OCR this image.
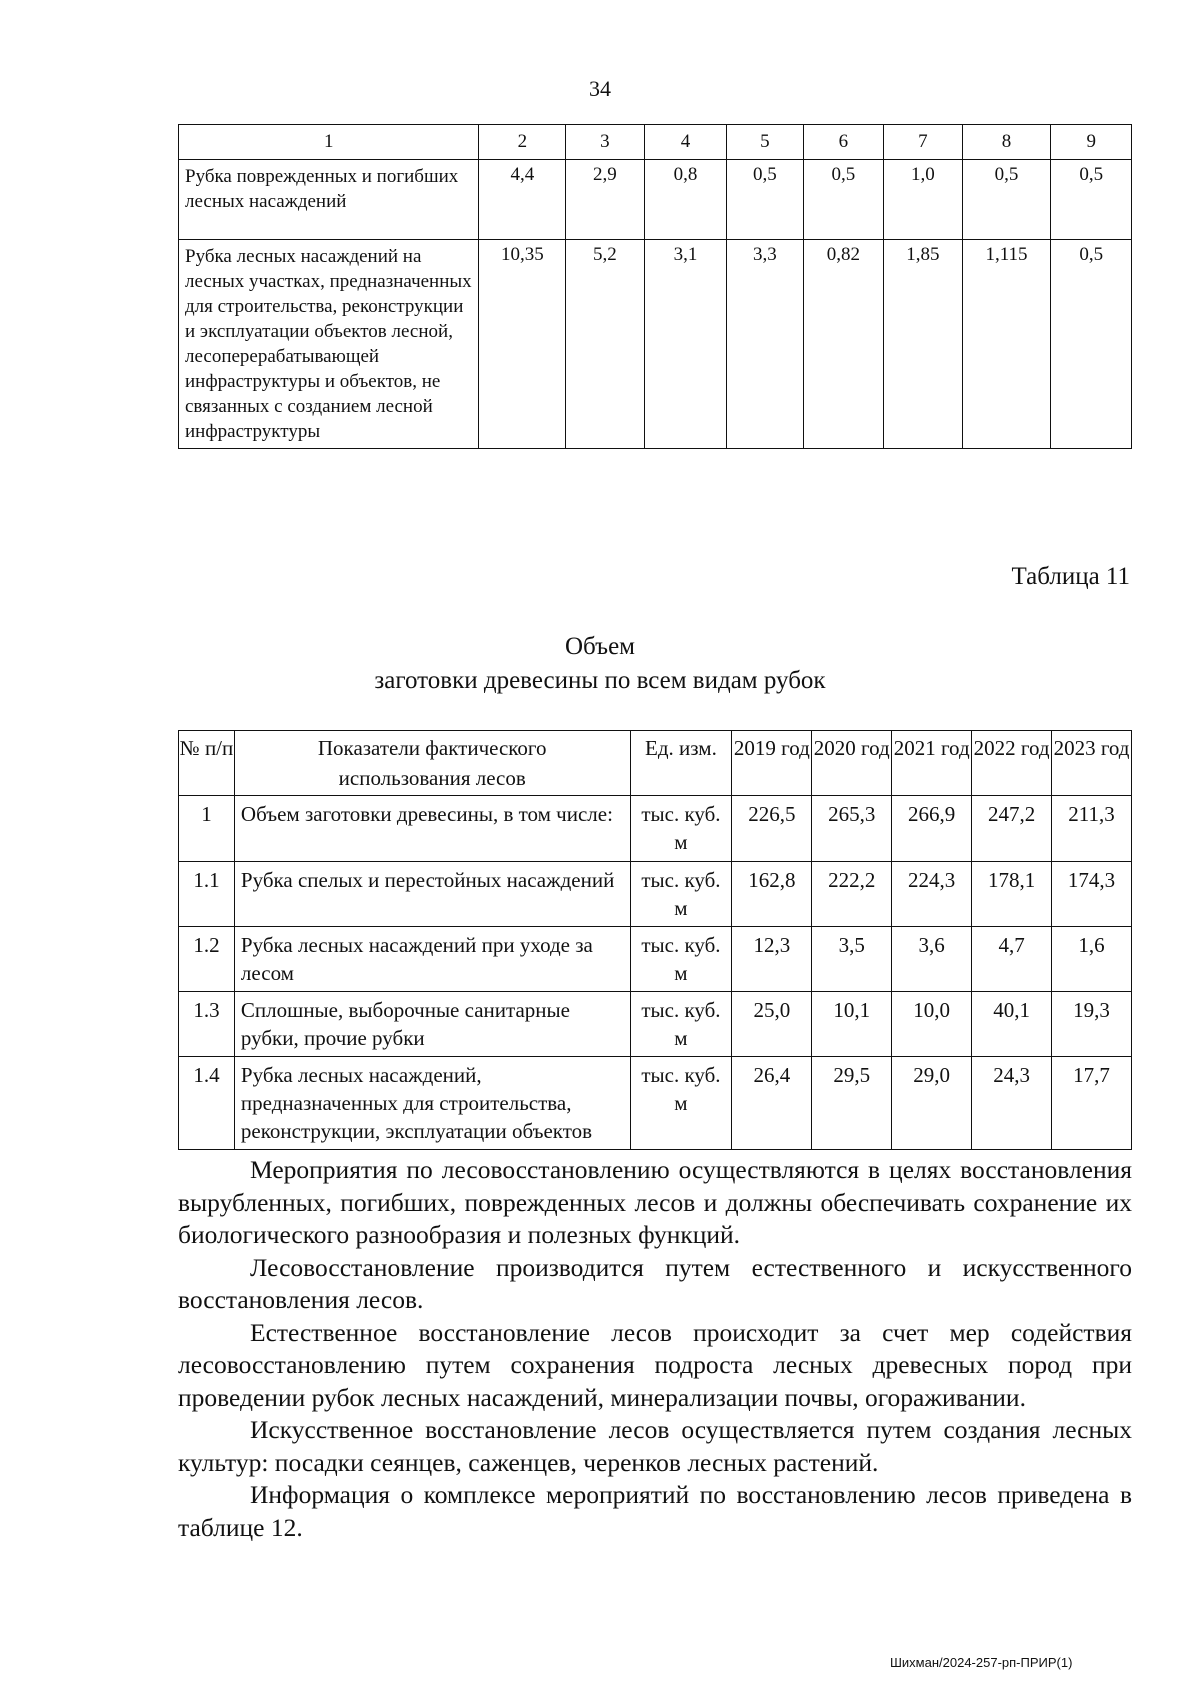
34
1	2	3	4	5	6	7	8	9
Рубка поврежденных и погибших лесных насаждений	4,4	2,9	0,8	0,5	0,5	1,0	0,5	0,5
Рубка лесных насаждений на лесных участках, предназначенных для строительства, реконструкции и эксплуатации объектов лесной, лесоперерабатывающей инфраструктуры и объектов, не связанных с созданием лесной инфраструктуры	10,35	5,2	3,1	3,3	0,82	1,85	1,115	0,5
Таблица 11
Объем
заготовки древесины по всем видам рубок
№ п/п	Показатели фактического использования лесов	Ед. изм.	2019 год	2020 год	2021 год	2022 год	2023 год
1	Объем заготовки древесины, в том числе:	тыс. куб. м	226,5	265,3	266,9	247,2	211,3
1.1	Рубка спелых и перестойных насаждений	тыс. куб. м	162,8	222,2	224,3	178,1	174,3
1.2	Рубка лесных насаждений при уходе за лесом	тыс. куб. м	12,3	3,5	3,6	4,7	1,6
1.3	Сплошные, выборочные санитарные рубки, прочие рубки	тыс. куб. м	25,0	10,1	10,0	40,1	19,3
1.4	Рубка лесных насаждений, предназначенных для строительства, реконструкции, эксплуатации объектов	тыс. куб. м	26,4	29,5	29,0	24,3	17,7

Мероприятия по лесовосстановлению осуществляются в целях восстановления вырубленных, погибших, поврежденных лесов и должны обеспечивать сохранение их биологического разнообразия и полезных функций.

Лесовосстановление производится путем естественного и искусственного восстановления лесов.

Естественное восстановление лесов происходит за счет мер содействия лесовосстановлению путем сохранения подроста лесных древесных пород при проведении рубок лесных насаждений, минерализации почвы, огораживании.

Искусственное восстановление лесов осуществляется путем создания лесных культур: посадки сеянцев, саженцев, черенков лесных растений.

Информация о комплексе мероприятий по восстановлению лесов приведена в таблице 12.

Шихман/2024-257-рп-ПРИР(1)
